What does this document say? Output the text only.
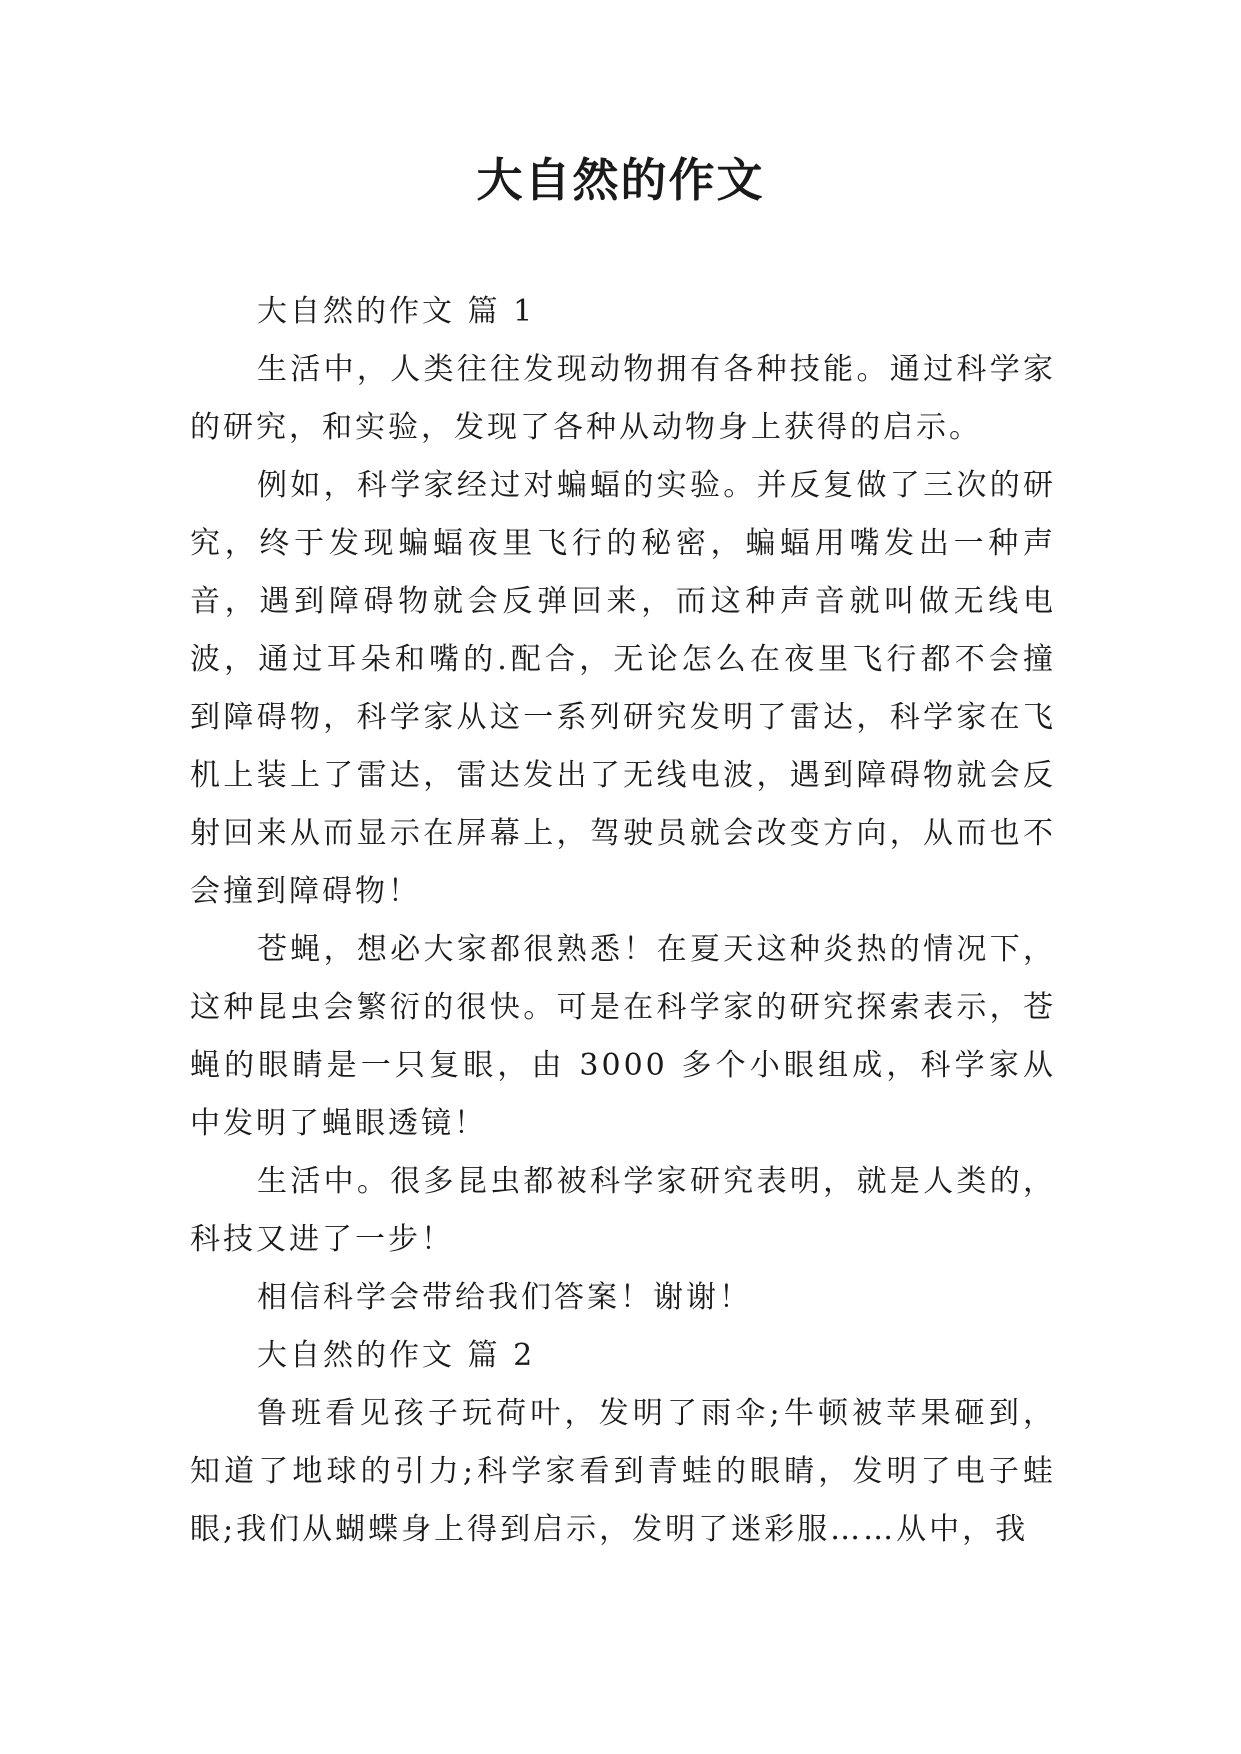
大自然的作文

大自然的作文 篇 1

生活中，人类往往发现动物拥有各种技能。通过科学家的研究，和实验，发现了各种从动物身上获得的启示。

例如，科学家经过对蝙蝠的实验。并反复做了三次的研究，终于发现蝙蝠夜里飞行的秘密，蝙蝠用嘴发出一种声音，遇到障碍物就会反弹回来，而这种声音就叫做无线电波，通过耳朵和嘴的.配合，无论怎么在夜里飞行都不会撞到障碍物，科学家从这一系列研究发明了雷达，科学家在飞机上装上了雷达，雷达发出了无线电波，遇到障碍物就会反射回来从而显示在屏幕上，驾驶员就会改变方向，从而也不会撞到障碍物！

苍蝇，想必大家都很熟悉！在夏天这种炎热的情况下，这种昆虫会繁衍的很快。可是在科学家的研究探索表示，苍蝇的眼睛是一只复眼，由 3000 多个小眼组成，科学家从中发明了蝇眼透镜！

生活中。很多昆虫都被科学家研究表明，就是人类的，科技又进了一步！

相信科学会带给我们答案！谢谢！

大自然的作文 篇 2

鲁班看见孩子玩荷叶，发明了雨伞;牛顿被苹果砸到，知道了地球的引力;科学家看到青蛙的眼睛，发明了电子蛙眼;我们从蝴蝶身上得到启示，发明了迷彩服……从中，我
